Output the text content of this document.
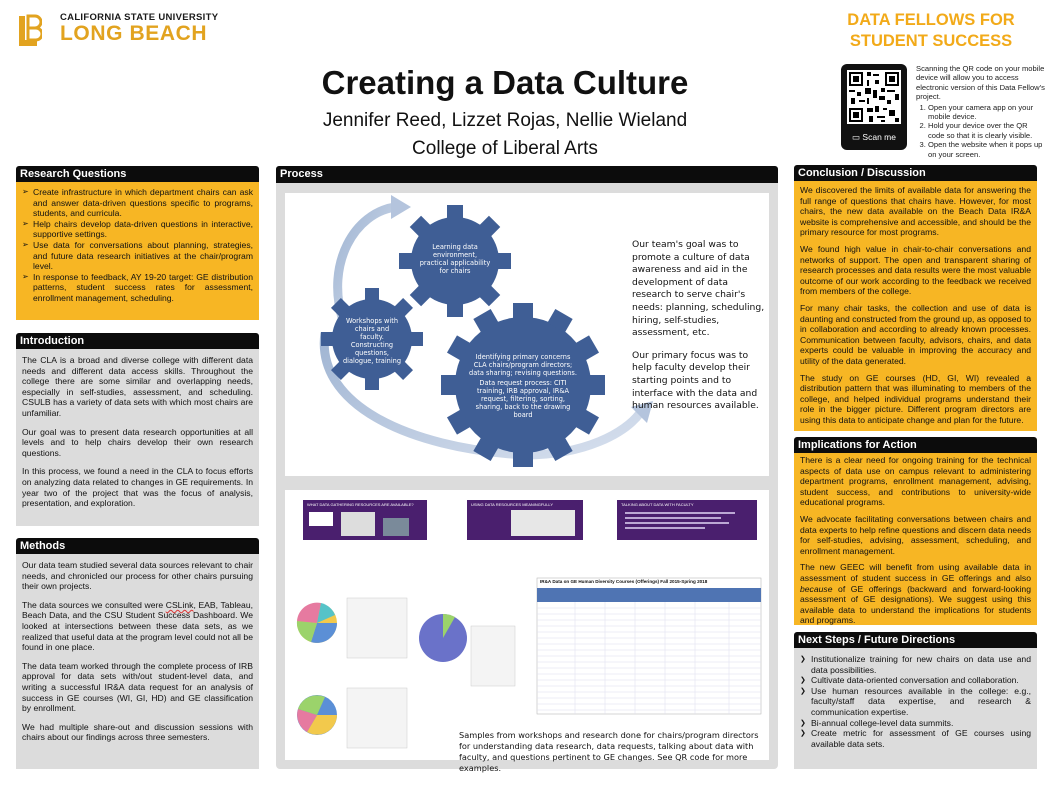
CALIFORNIA STATE UNIVERSITY
LONG BEACH
Creating a Data Culture
Jennifer Reed, Lizzet Rojas, Nellie Wieland
College of Liberal Arts
DATA FELLOWS FOR
STUDENT SUCCESS
▭ Scan me
Scanning the QR code on your mobile device will allow you to access electronic version of this Data Fellow's project.
1. Open your camera app on your mobile device.
2. Hold your device over the QR code so that it is clearly visible.
3. Open the website when it pops up on your screen.
Research Questions
➢ Create infrastructure in which department chairs can ask and answer data-driven questions specific to programs, students, and curricula.
➢ Help chairs develop data-driven questions in interactive, supportive settings.
➢ Use data for conversations about planning, strategies, and future data research initiatives at the chair/program level.
➢ In response to feedback, AY 19-20 target: GE distribution patterns, student success rates for assessment, enrollment management, scheduling.
Introduction

The CLA is a broad and diverse college with different data needs and different data access skills. Throughout the college there are some similar and overlapping needs, especially in self-studies, assessment, and scheduling. CSULB has a variety of data sets with which most chairs are unfamiliar.

Our goal was to present data research opportunities at all levels and to help chairs develop their own research questions.

In this process, we found a need in the CLA to focus efforts on analyzing data related to changes in GE requirements. In year two of the project that was the focus of analysis, presentation, and exploration.

Methods

Our data team studied several data sources relevant to chair needs, and chronicled our process for other chairs pursuing their own projects.

The data sources we consulted were CSLink, EAB, Tableau, Beach Data, and the CSU Student Success Dashboard. We looked at intersections between these data sets, as we realized that useful data at the program level could not all be found in one place.

The data team worked through the complete process of IRB approval for data sets with/out student-level data, and writing a successful IR&A data request for an analysis of success in GE courses (WI, GI, HD) and GE classification by enrollment.

We had multiple share-out and discussion sessions with chairs about our findings across three semesters.

Process
Learning data environment, practical applicability for chairs
Workshops with chairs and faculty. Constructing questions, dialogue, training	Identifying primary concerns CLA chairs/program directors; data sharing; revising questions.
Data request process: CITI training, IRB approval, IR&A request, filtering, sorting, sharing, back to the drawing board

Our team's goal was to promote a culture of data awareness and aid in the development of data research to serve chair's needs: planning, scheduling, hiring, self-studies, assessment, etc.

Our primary focus was to help faculty develop their starting points and to interface with the data and human resources available.

WHAT DATA GATHERING RESOURCES ARE AVAILABLE?	USING DATA RESOURCES MEANINGFULLY	TALKING ABOUT DATA WITH FACULTY
IR&A Data on GE Human Diversity Courses (Offerings) Fall 2015-Spring 2018
Samples from workshops and research done for chairs/program directors for understanding data research, data requests, talking about data with faculty, and questions pertinent to GE changes. See QR code for more examples.
Conclusion / Discussion

We discovered the limits of available data for answering the full range of questions that chairs have. However, for most chairs, the new data available on the Beach Data IR&A website is comprehensive and accessible, and should be the primary resource for most programs.

We found high value in chair-to-chair conversations and networks of support. The open and transparent sharing of research processes and data results were the most valuable outcome of our work according to the feedback we received from members of the college.

For many chair tasks, the collection and use of data is daunting and constructed from the ground up, as opposed to in collaboration and according to already known processes. Communication between faculty, advisors, chairs, and data experts could be valuable in improving the accuracy and utility of the data generated.

The study on GE courses (HD, GI, WI) revealed a distribution pattern that was illuminating to members of the college, and helped individual programs understand their role in the bigger picture. Different program directors are using this data to anticipate change and plan for the future.

Implications for Action

There is a clear need for ongoing training for the technical aspects of data use on campus relevant to administering department programs, enrollment management, advising, student success, and contributions to university-wide educational programs.

We advocate facilitating conversations between chairs and data experts to help refine questions and discern data needs for self-studies, advising, assessment, scheduling, and enrollment management.

The new GEEC will benefit from using available data in assessment of student success in GE offerings and also because of GE offerings (backward and forward-looking assessment of GE designations). We suggest using this available data to understand the implications for students and programs.

Next Steps / Future Directions
❯ Institutionalize training for new chairs on data use and data possibilities.
❯ Cultivate data-oriented conversation and collaboration.
❯ Use human resources available in the college: e.g., faculty/staff data expertise, and research & communication expertise.
❯ Bi-annual college-level data summits.
❯ Create metric for assessment of GE courses using available data sets.
